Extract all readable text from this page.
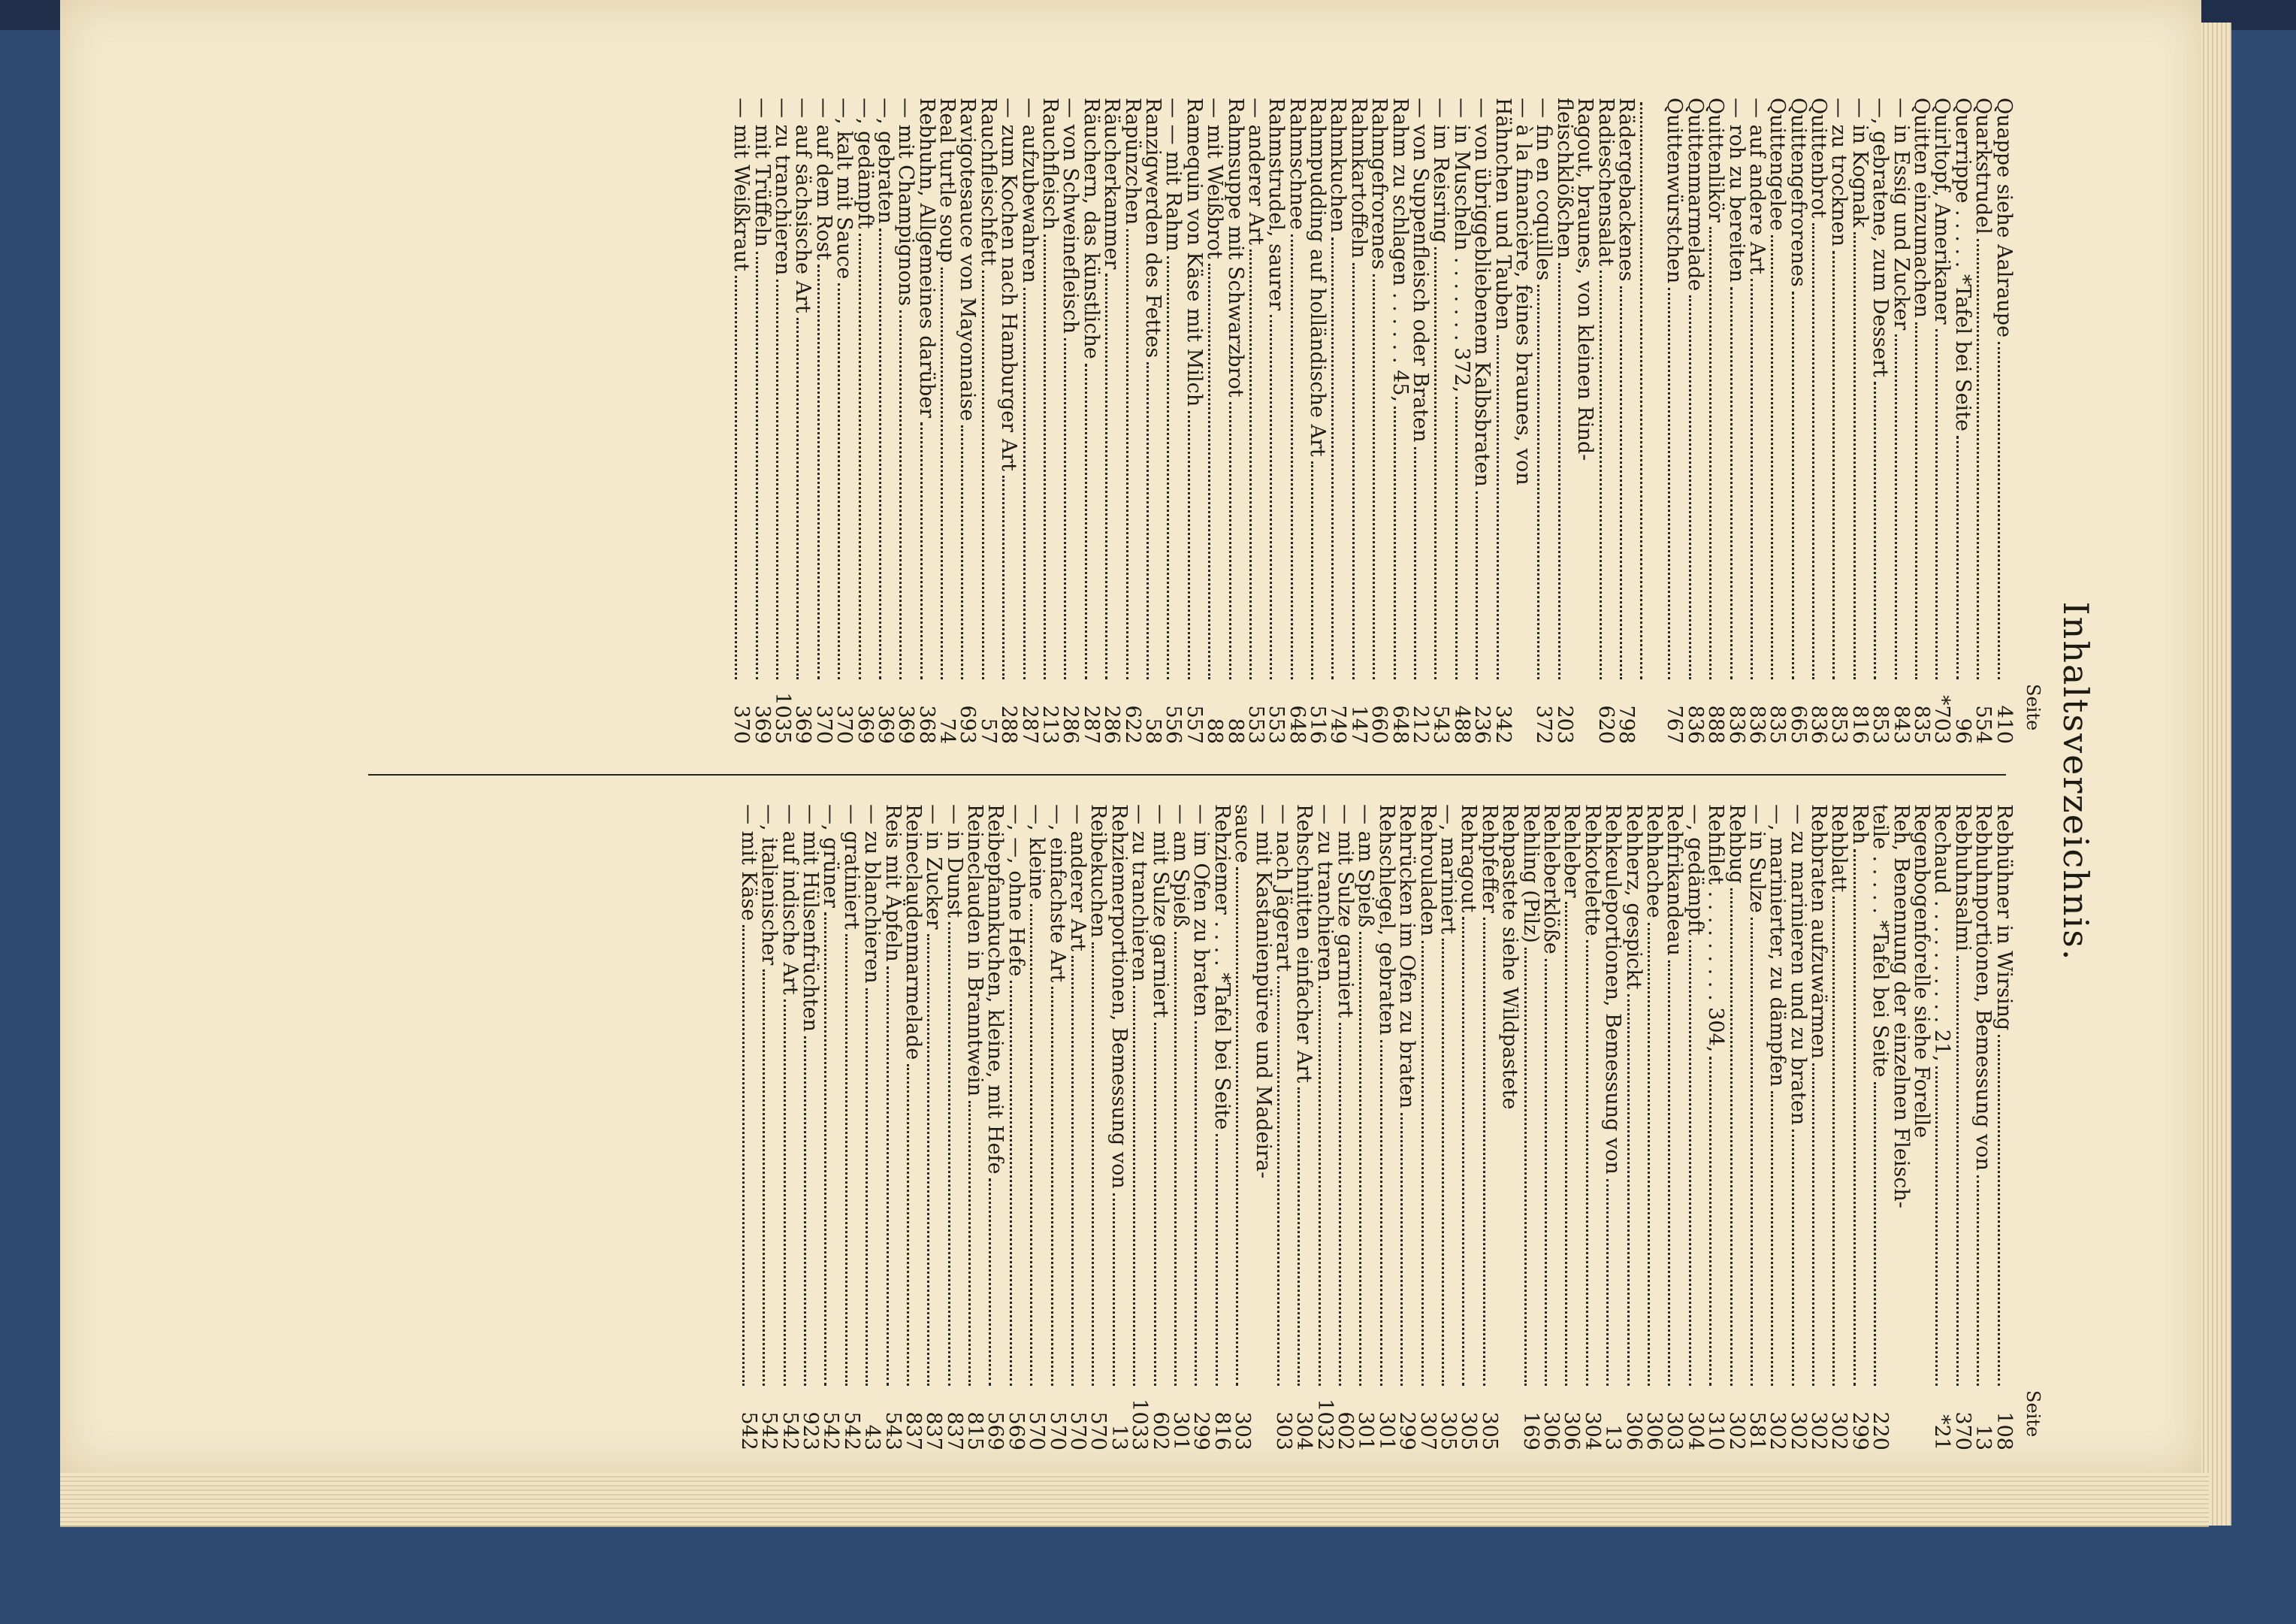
Inhaltsverzeichnis.
Seite
Seite
Quappe siehe Aalraupe
410
Quarkstrudel
554
Querrippe . . . . . *Tafel bei Seite
96
Quirltopf, Amerikaner
*703
Quitten einzumachen
835
— in Essig und Zucker
843
—, gebratene, zum Dessert
853
— in Kognak
816
— zu trocknen
853
Quittenbrot
836
Quittengefrorenes
665
Quittengelee
835
— auf andere Art
836
— roh zu bereiten
836
Quittenlikör
888
Quittenmarmelade
836
Quittenwürstchen
767
Rädergebackenes
798
Radieschensalat
620
Ragout, braunes, von kleinen Rind-
fleischklößchen
203
— fin en coquilles
372
— à la financière, feines braunes, von
Hähnchen und Tauben
342
— von übriggebliebenem Kalbsbraten
236
— in Muscheln . . . . . . . 372,
488
— im Reisring
543
— von Suppenfleisch oder Braten
212
Rahm zu schlagen . . . . . . 45,
648
Rahmgefrorenes
660
Rahmkartoffeln
147
Rahmkuchen
749
Rahmpudding auf holländische Art
516
Rahmschnee
648
Rahmstrudel, saurer
553
— anderer Art
553
Rahmsuppe mit Schwarzbrot
88
— mit Weißbrot
88
Ramequin von Käse mit Milch
557
— — mit Rahm
556
Ranzigwerden des Fettes
58
Rapünzchen
622
Räucherkammer
286
Räuchern, das künstliche
287
— von Schweinefleisch
286
Rauchfleisch
213
— aufzubewahren
287
— zum Kochen nach Hamburger Art
288
Rauchfleischfett
57
Ravigotesauce von Mayonnaise
693
Real turtle soup
74
Rebhuhn, Allgemeines darüber
368
— mit Champignons
369
—, gebraten
369
—, gedämpft
369
—, kalt mit Sauce
370
— auf dem Rost
370
— auf sächsische Art
369
— zu tranchieren
1035
— mit Trüffeln
369
— mit Weißkraut
370
Rebhühner in Wirsing
108
Rebhuhnportionen, Bemessung von
13
Rebhuhnsalmi
370
Rechaud . . . . . . . . . . 21,
*21
Regenbogenforelle siehe Forelle
Reh, Benennung der einzelnen Fleisch-
teile . . . . . *Tafel bei Seite
220
Reh
299
Rehblatt
302
Rehbraten aufzuwärmen
302
— zu marinieren und zu braten
302
—, marinierter, zu dämpfen
302
— in Sulze
581
Rehbug
302
Rehfilet . . . . . . . . . 304,
310
—, gedämpft
304
Rehfrikandeau
303
Rehhachee
306
Rehherz, gespickt
306
Rehkeuleportionen, Bemessung von
13
Rehkotelette
304
Rehleber
306
Rehleberklöße
306
Rehling (Pilz)
169
Rehpastete siehe Wildpastete
Rehpfeffer
305
Rehragout
305
—, mariniert
305
Rehrouladen
307
Rehrücken im Ofen zu braten
299
Rehschlegel, gebraten
301
— am Spieß
301
— mit Sulze garniert
602
— zu tranchieren
1032
Rehschnitten einfacher Art
304
— nach Jägerart
303
— mit Kastanienpüree und Madeira-
sauce
303
Rehziemer . . . . *Tafel bei Seite
816
— im Ofen zu braten
299
— am Spieß
301
— mit Sulze garniert
602
— zu tranchieren
1033
Rehziemerportionen, Bemessung von
13
Reibekuchen
570
— anderer Art
570
—, einfachste Art
570
—, kleine
570
—, —, ohne Hefe
569
Reibepfannkuchen, kleine, mit Hefe
569
Reineclauden in Branntwein
815
— in Dunst
837
— in Zucker
837
Reineclaudenmarmelade
837
Reis mit Äpfeln
543
— zu blanchieren
43
— gratiniert
542
—, grüner
542
— mit Hülsenfrüchten
923
— auf indische Art
542
—, italienischer
542
— mit Käse
542
